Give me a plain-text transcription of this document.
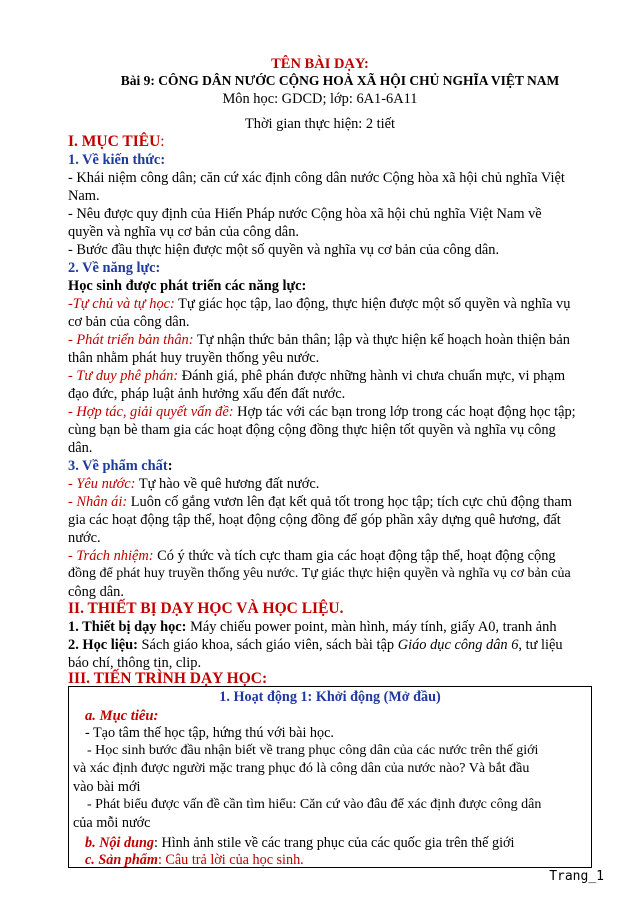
TÊN BÀI DẠY:
Bài 9: CÔNG DÂN NƯỚC CỘNG HOÀ XÃ HỘI CHỦ NGHĨA VIỆT NAM
Môn học: GDCD; lớp: 6A1-6A11
Thời gian thực hiện: 2 tiết
I. MỤC TIÊU:
1. Về kiến thức:
- Khái niệm công dân; căn cứ xác định công dân nước Cộng hòa xã hội chủ nghĩa Việt
Nam.
- Nêu được quy định của Hiến Pháp nước Cộng hòa xã hội chủ nghĩa Việt Nam về
quyền và nghĩa vụ cơ bản của công dân.
- Bước đầu thực hiện được một số quyền và nghĩa vụ cơ bản của công dân.
2. Về năng lực:
Học sinh được phát triển các năng lực:
-Tự chủ và tự học: Tự giác học tập, lao động, thực hiện được một số quyền và nghĩa vụ
cơ bản của công dân.
- Phát triển bản thân: Tự nhận thức bản thân; lập và thực hiện kế hoạch hoàn thiện bản
thân nhằm phát huy truyền thống yêu nước.
- Tư duy phê phán: Đánh giá, phê phán được những hành vi chưa chuẩn mực, vi phạm
đạo đức, pháp luật ảnh hưởng xấu đến đất nước.
- Hợp tác, giải quyết vấn đề: Hợp tác với các bạn trong lớp trong các hoạt động học tập;
cùng bạn bè tham gia các hoạt động cộng đồng thực hiện tốt quyền và nghĩa vụ công
dân.
3. Về phẩm chất:
- Yêu nước: Tự hào về quê hương đất nước.
- Nhân ái: Luôn cố gắng vươn lên đạt kết quả tốt trong học tập; tích cực chủ động tham
gia các hoạt động tập thể, hoạt động cộng đồng để góp phần xây dựng quê hương, đất
nước.
- Trách nhiệm: Có ý thức và tích cực tham gia các hoạt động tập thể, hoạt động cộng
đồng để phát huy truyền thống yêu nước. Tự giác thực hiện quyền và nghĩa vụ cơ bản của
công dân.
II. THIẾT BỊ DẠY HỌC VÀ HỌC LIỆU.
1. Thiết bị dạy học: Máy chiếu power point, màn hình, máy tính, giấy A0, tranh ảnh
2. Học liệu: Sách giáo khoa, sách giáo viên, sách bài tập Giáo dục công dân 6, tư liệu
báo chí, thông tin, clip.
III. TIẾN TRÌNH DẠY HỌC:
1. Hoạt động 1: Khởi động (Mở đầu)
a. Mục tiêu:
- Tạo tâm thế học tập, hứng thú với bài học.
- Học sinh bước đầu nhận biết về trang phục công dân của các nước trên thế giới
và xác định được người mặc trang phục đó là công dân của nước nào? Và bắt đầu
vào bài mới
- Phát biểu được vấn đề cần tìm hiểu: Căn cứ vào đâu để xác định được công dân
của mỗi nước
b. Nội dung: Hình ảnh stile về các trang phục của các quốc gia trên thế giới
c. Sản phẩm: Câu trả lời của học sinh.
Trang_1
